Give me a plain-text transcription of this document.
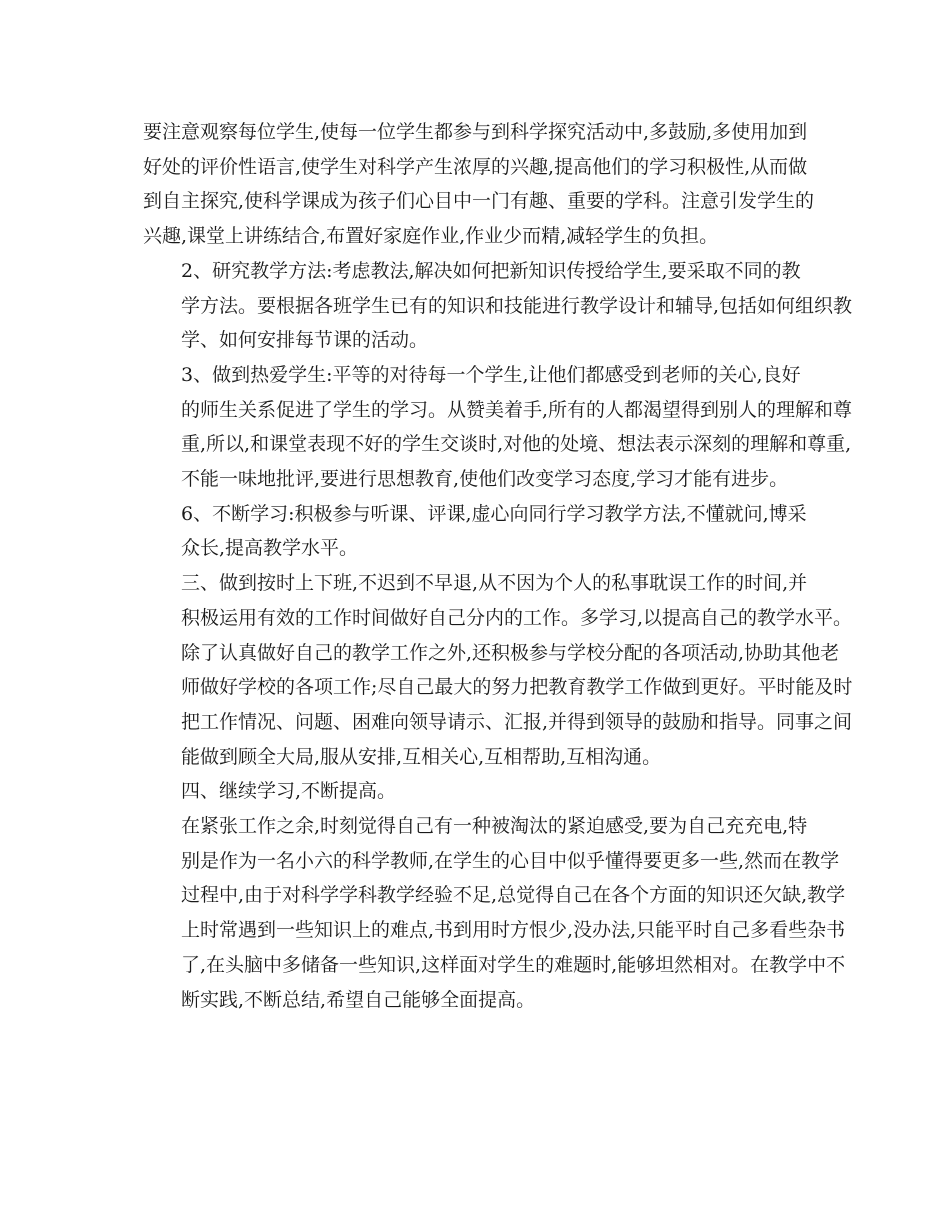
要注意观察每位学生,使每一位学生都参与到科学探究活动中,多鼓励,多使用加到
好处的评价性语言,使学生对科学产生浓厚的兴趣,提高他们的学习积极性,从而做
到自主探究,使科学课成为孩子们心目中一门有趣、重要的学科。注意引发学生的
兴趣,课堂上讲练结合,布置好家庭作业,作业少而精,减轻学生的负担。

2、研究教学方法:考虑教法,解决如何把新知识传授给学生,要采取不同的教
学方法。要根据各班学生已有的知识和技能进行教学设计和辅导,包括如何组织教
学、如何安排每节课的活动。

3、做到热爱学生:平等的对待每一个学生,让他们都感受到老师的关心,良好
的师生关系促进了学生的学习。从赞美着手,所有的人都渴望得到别人的理解和尊
重,所以,和课堂表现不好的学生交谈时,对他的处境、想法表示深刻的理解和尊重,
不能一味地批评,要进行思想教育,使他们改变学习态度,学习才能有进步。

6、不断学习:积极参与听课、评课,虚心向同行学习教学方法,不懂就问,博采
众长,提高教学水平。

三、做到按时上下班,不迟到不早退,从不因为个人的私事耽误工作的时间,并
积极运用有效的工作时间做好自己分内的工作。多学习,以提高自己的教学水平。
除了认真做好自己的教学工作之外,还积极参与学校分配的各项活动,协助其他老
师做好学校的各项工作;尽自己最大的努力把教育教学工作做到更好。平时能及时
把工作情况、问题、困难向领导请示、汇报,并得到领导的鼓励和指导。同事之间
能做到顾全大局,服从安排,互相关心,互相帮助,互相沟通。

四、继续学习,不断提高。

在紧张工作之余,时刻觉得自己有一种被淘汰的紧迫感受,要为自己充充电,特
别是作为一名小六的科学教师,在学生的心目中似乎懂得要更多一些,然而在教学
过程中,由于对科学学科教学经验不足,总觉得自己在各个方面的知识还欠缺,教学
上时常遇到一些知识上的难点,书到用时方恨少,没办法,只能平时自己多看些杂书
了,在头脑中多储备一些知识,这样面对学生的难题时,能够坦然相对。在教学中不
断实践,不断总结,希望自己能够全面提高。
